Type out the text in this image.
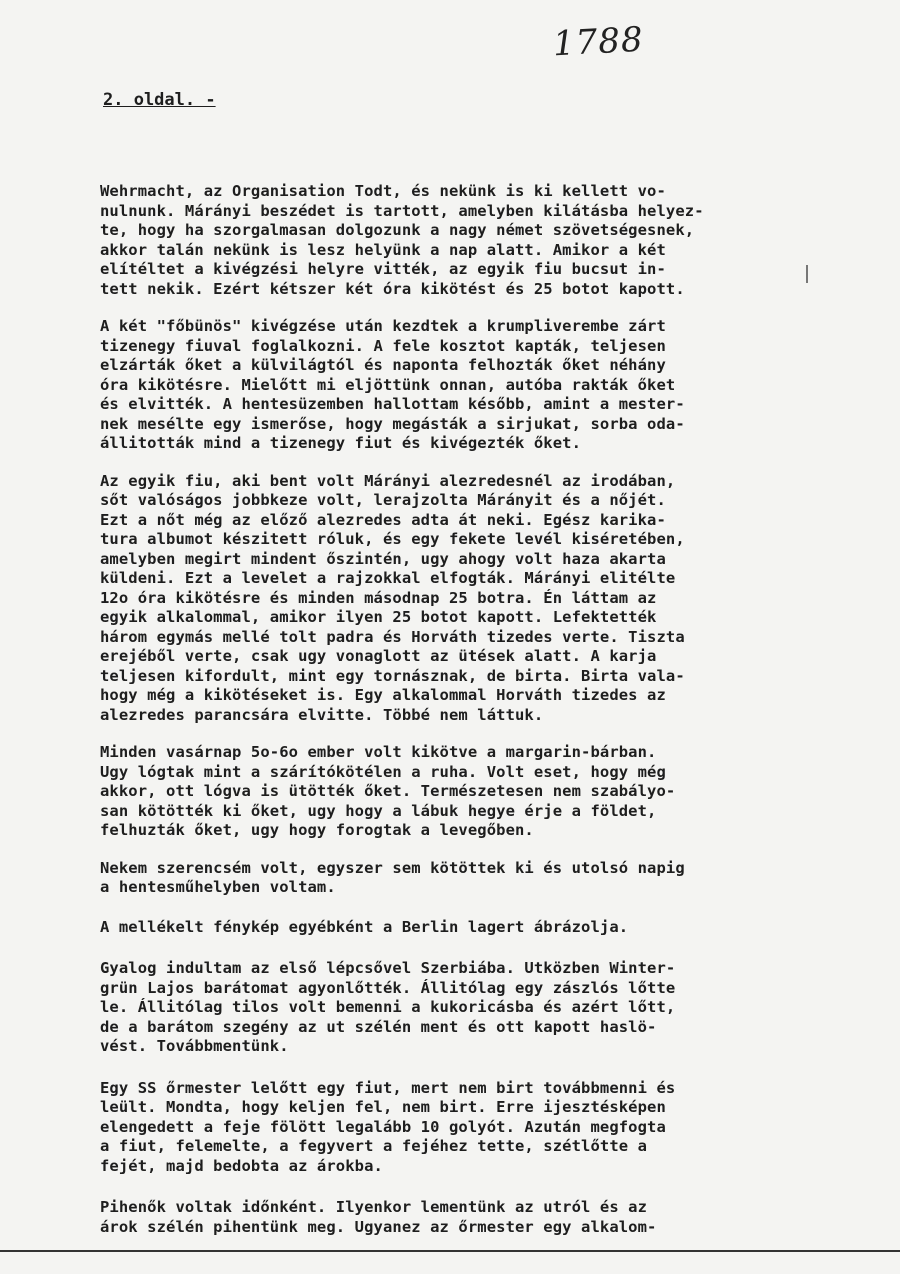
1788
2. oldal. -
Wehrmacht, az Organisation Todt, és nekünk is ki kellett vo-
nulnunk. Márányi beszédet is tartott, amelyben kilátásba helyez-
te, hogy ha szorgalmasan dolgozunk a nagy német szövetségesnek,
akkor talán nekünk is lesz helyünk a nap alatt. Amikor a két
elítéltet a kivégzési helyre vitték, az egyik fiu bucsut in-
tett nekik. Ezért kétszer két óra kikötést és 25 botot kapott.
A két "főbünös" kivégzése után kezdtek a krumpliverembe zárt
tizenegy fiuval foglalkozni. A fele kosztot kapták, teljesen
elzárták őket a külvilágtól és naponta felhozták őket néhány
óra kikötésre. Mielőtt mi eljöttünk onnan, autóba rakták őket
és elvitték. A hentesüzemben hallottam később, amint a mester-
nek mesélte egy ismerőse, hogy megásták a sirjukat, sorba oda-
állitották mind a tizenegy fiut és kivégezték őket.
Az egyik fiu, aki bent volt Márányi alezredesnél az irodában,
sőt valóságos jobbkeze volt, lerajzolta Márányit és a nőjét.
Ezt a nőt még az előző alezredes adta át neki. Egész karika-
tura albumot készitett róluk, és egy fekete levél kiséretében,
amelyben megirt mindent őszintén, ugy ahogy volt haza akarta
küldeni. Ezt a levelet a rajzokkal elfogták. Márányi elitélte
12o óra kikötésre és minden másodnap 25 botra. Én láttam az
egyik alkalommal, amikor ilyen 25 botot kapott. Lefektették
három egymás mellé tolt padra és Horváth tizedes verte. Tiszta
erejéből verte, csak ugy vonaglott az ütések alatt. A karja
teljesen kifordult, mint egy tornásznak, de birta. Birta vala-
hogy még a kikötéseket is. Egy alkalommal Horváth tizedes az
alezredes parancsára elvitte. Többé nem láttuk.
Minden vasárnap 5o-6o ember volt kikötve a margarin-bárban.
Ugy lógtak mint a szárítókötélen a ruha. Volt eset, hogy még
akkor, ott lógva is ütötték őket. Természetesen nem szabályo-
san kötötték ki őket, ugy hogy a lábuk hegye érje a földet,
felhuzták őket, ugy hogy forogtak a levegőben.
Nekem szerencsém volt, egyszer sem kötöttek ki és utolsó napig
a hentesműhelyben voltam.
A mellékelt fénykép egyébként a Berlin lagert ábrázolja.
Gyalog indultam az első lépcsővel Szerbiába. Utközben Winter-
grün Lajos barátomat agyonlőtték. Állitólag egy zászlós lőtte
le. Állitólag tilos volt bemenni a kukoricásba és azért lőtt,
de a barátom szegény az ut szélén ment és ott kapott haslö-
vést. Továbbmentünk.
Egy SS őrmester lelőtt egy fiut, mert nem birt továbbmenni és
leült. Mondta, hogy keljen fel, nem birt. Erre ijesztésképen
elengedett a feje fölött legalább 10 golyót. Azután megfogta
a fiut, felemelte, a fegyvert a fejéhez tette, szétlőtte a
fejét, majd bedobta az árokba.
Pihenők voltak időnként. Ilyenkor lementünk az utról és az
árok szélén pihentünk meg. Ugyanez az őrmester egy alkalom-
